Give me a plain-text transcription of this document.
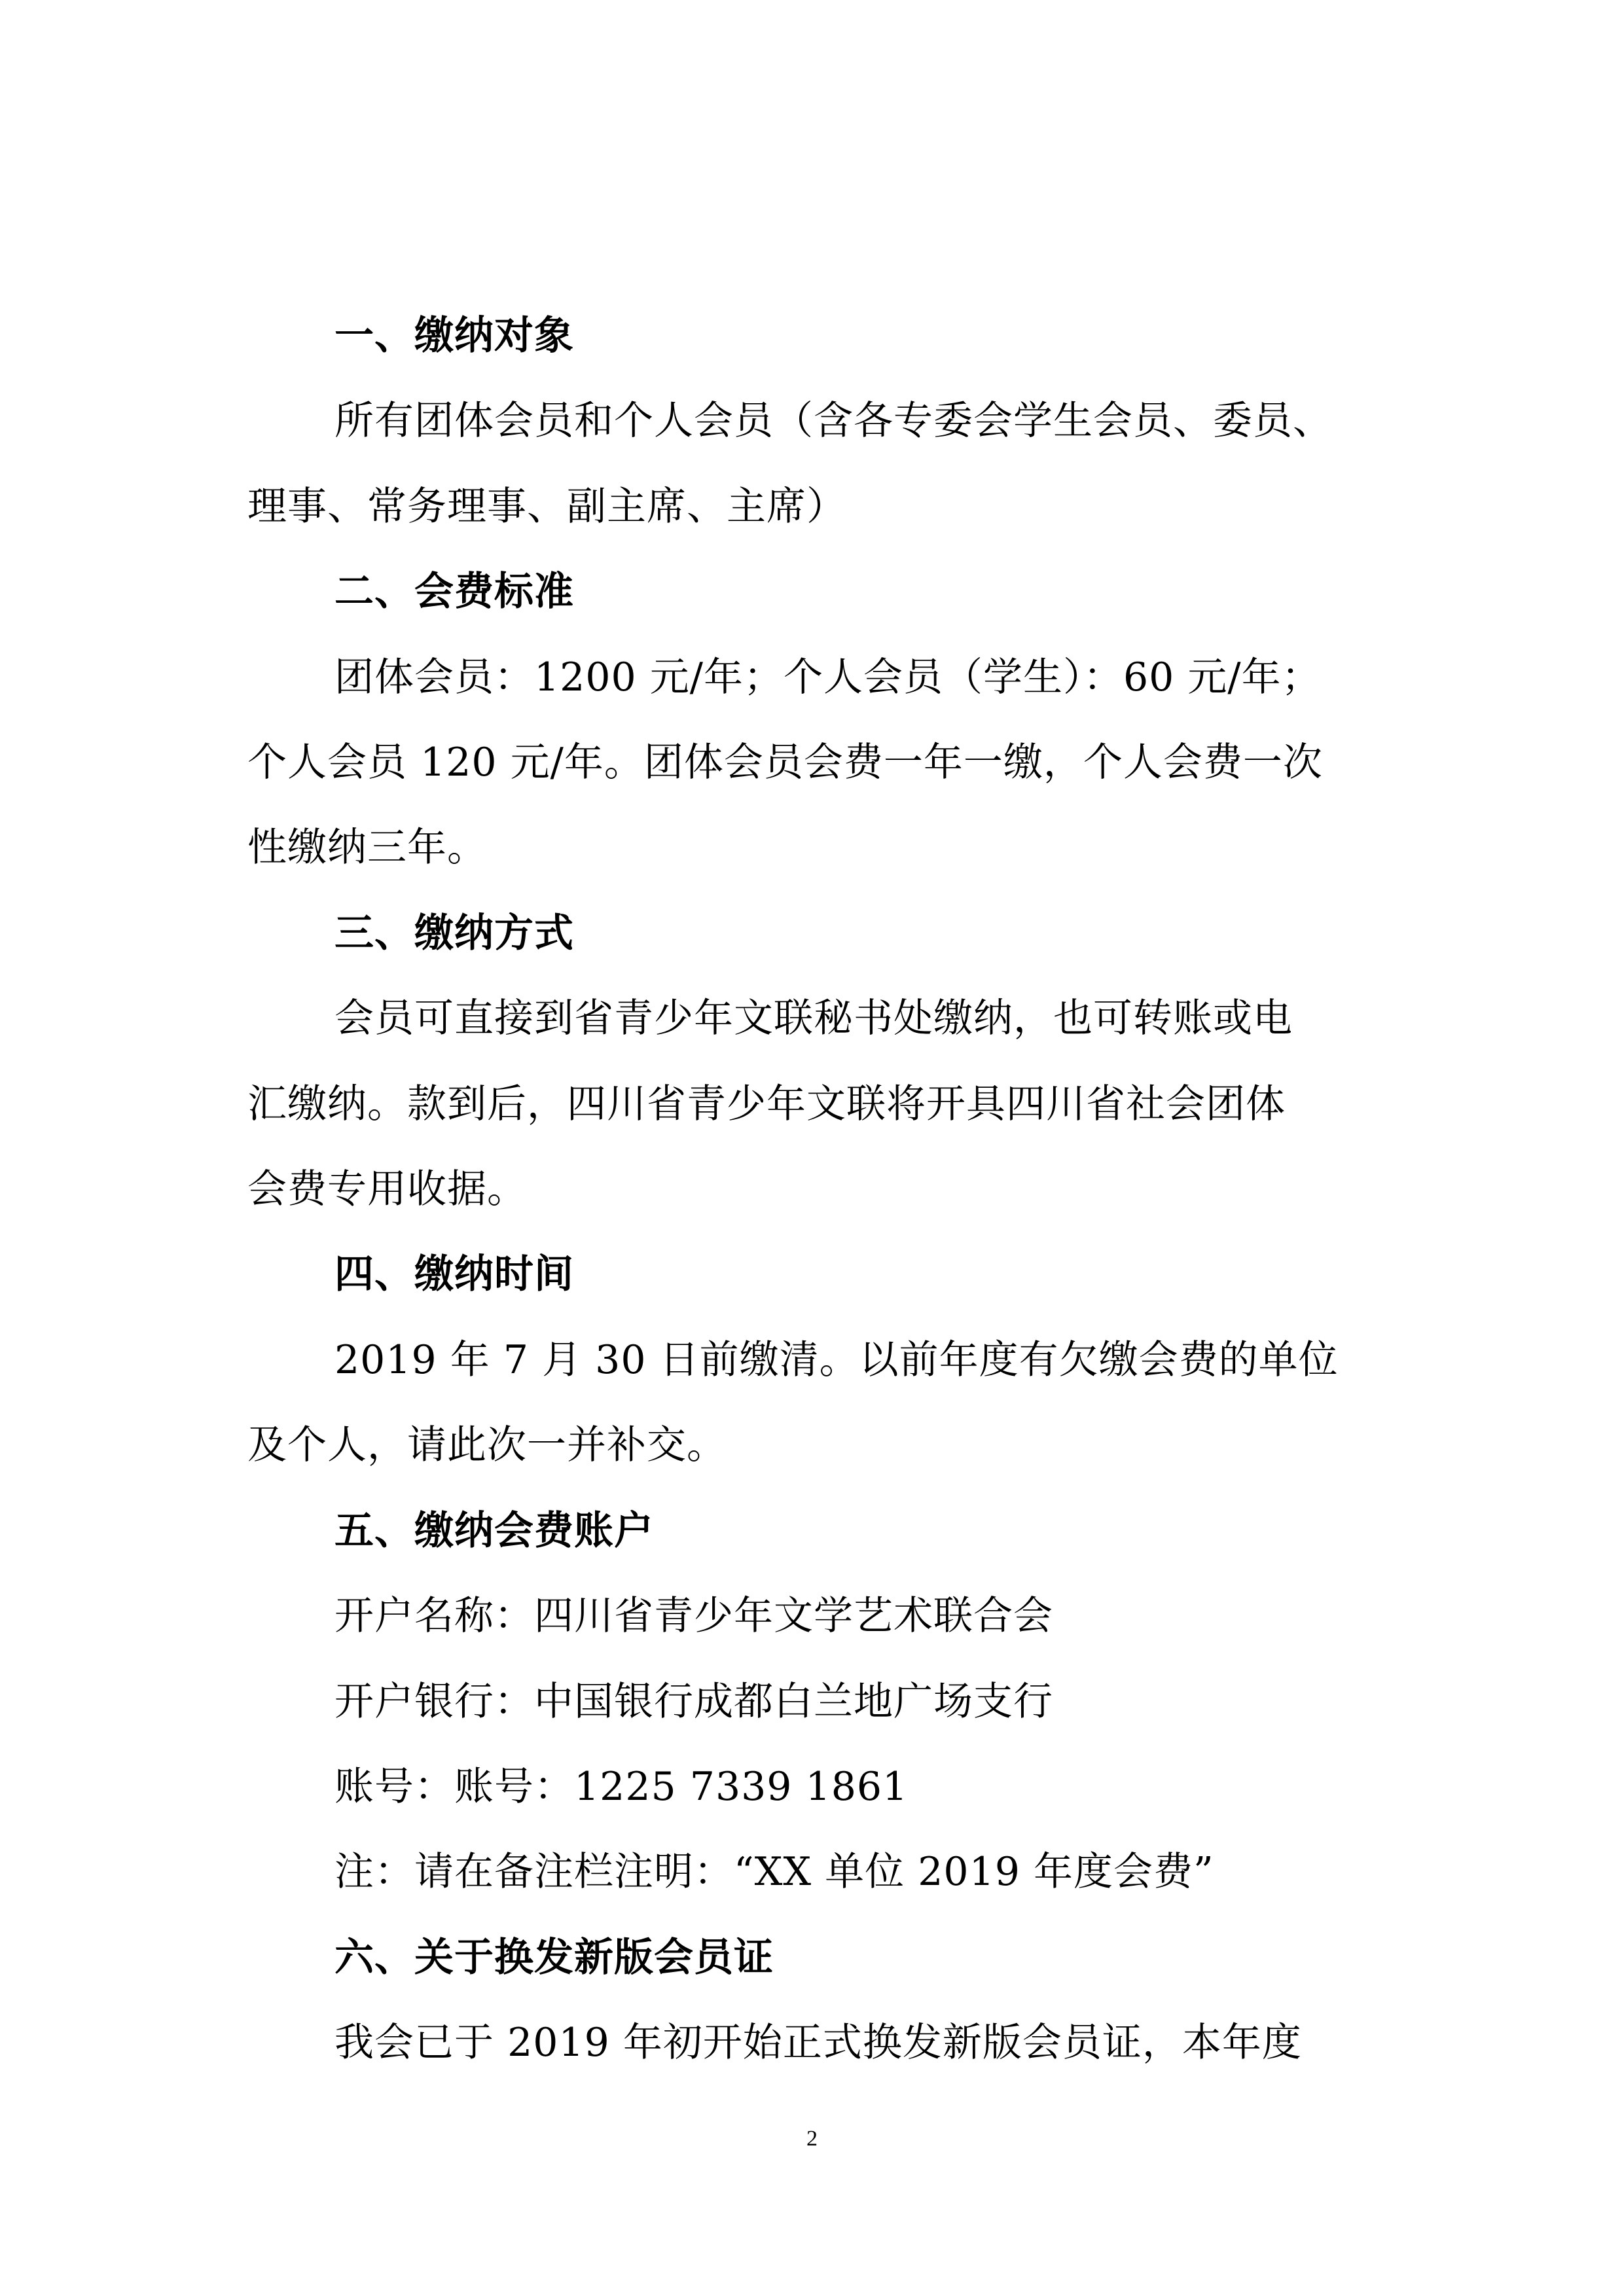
一、缴纳对象
所有团体会员和个人会员（含各专委会学生会员、委员、
理事、常务理事、副主席、主席）
二、会费标准
团体会员：1200 元/年；个人会员（学生）：60 元/年；
个人会员 120 元/年。团体会员会费一年一缴，个人会费一次
性缴纳三年。
三、缴纳方式
会员可直接到省青少年文联秘书处缴纳，也可转账或电
汇缴纳。款到后，四川省青少年文联将开具四川省社会团体
会费专用收据。
四、缴纳时间
2019 年 7 月 30 日前缴清。以前年度有欠缴会费的单位
及个人，请此次一并补交。
五、缴纳会费账户
开户名称：四川省青少年文学艺术联合会
开户银行：中国银行成都白兰地广场支行
账号：账号：1225 7339 1861
注：请在备注栏注明：“XX 单位 2019 年度会费”
六、关于换发新版会员证
我会已于 2019 年初开始正式换发新版会员证，本年度
2
